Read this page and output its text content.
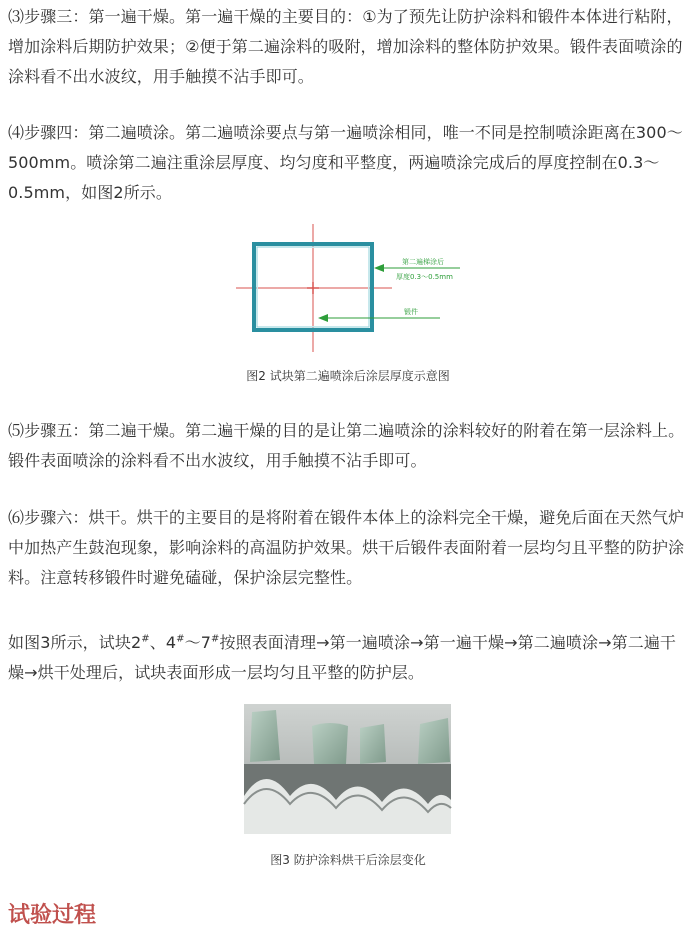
⑶步骤三：第一遍干燥。第一遍干燥的主要目的：①为了预先让防护涂料和锻件本体进行粘附，增加涂料后期防护效果；②便于第二遍涂料的吸附，增加涂料的整体防护效果。锻件表面喷涂的涂料看不出水波纹，用手触摸不沾手即可。

⑷步骤四：第二遍喷涂。第二遍喷涂要点与第一遍喷涂相同，唯一不同是控制喷涂距离在300～500mm。喷涂第二遍注重涂层厚度、均匀度和平整度，两遍喷涂完成后的厚度控制在0.3～0.5mm，如图2所示。

第二遍梯涂后
厚度0.3～0.5mm
锻件
图2 试块第二遍喷涂后涂层厚度示意图

⑸步骤五：第二遍干燥。第二遍干燥的目的是让第二遍喷涂的涂料较好的附着在第一层涂料上。锻件表面喷涂的涂料看不出水波纹，用手触摸不沾手即可。

⑹步骤六：烘干。烘干的主要目的是将附着在锻件本体上的涂料完全干燥，避免后面在天然气炉中加热产生鼓泡现象，影响涂料的高温防护效果。烘干后锻件表面附着一层均匀且平整的防护涂料。注意转移锻件时避免磕碰，保护涂层完整性。

如图3所示，试块2#、4#～7#按照表面清理→第一遍喷涂→第一遍干燥→第二遍喷涂→第二遍干燥→烘干处理后，试块表面形成一层均匀且平整的防护层。

图3 防护涂料烘干后涂层变化
试验过程
